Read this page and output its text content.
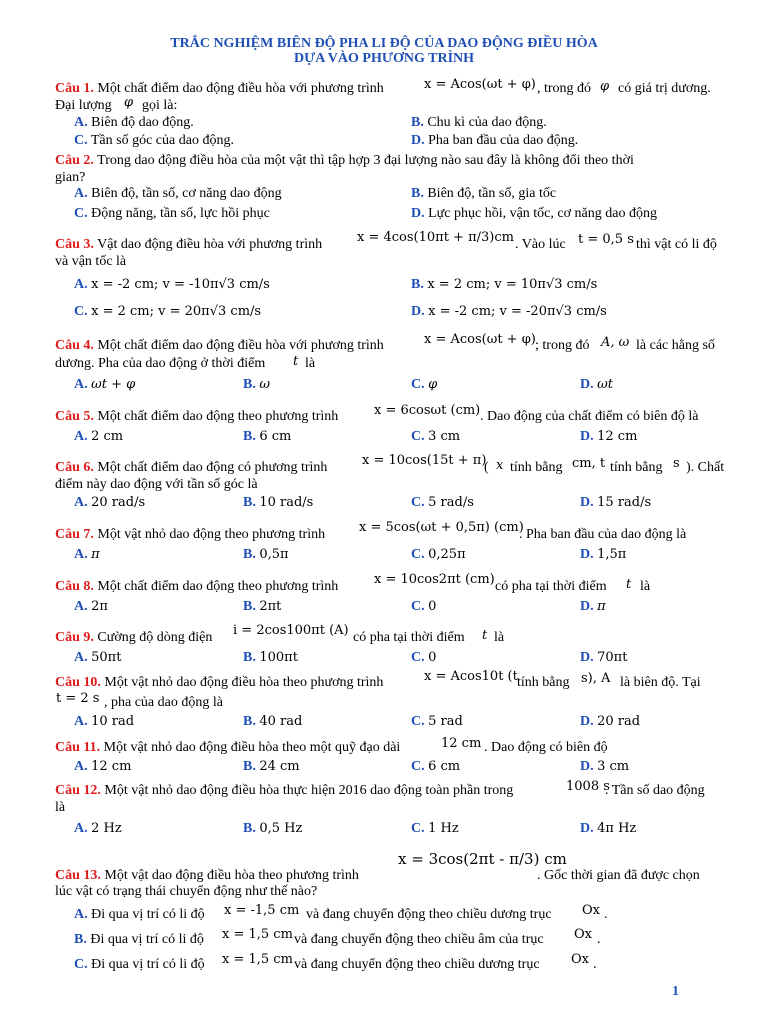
TRẮC NGHIỆM BIÊN ĐỘ PHA LI ĐỘ CỦA DAO ĐỘNG ĐIỀU HÒA
DỰA VÀO PHƯƠNG TRÌNH
Câu 1. Một chất điểm dao động điều hòa với phương trình	x = Acos(ωt + φ) , trong đó φ có giá trị dương.
Đại lượng φ gọi là:
A. Biên độ dao động.	B. Chu kì của dao động.
C. Tần số góc của dao động.	D. Pha ban đầu của dao động.
Câu 2. Trong dao động điều hòa của một vật thì tập hợp 3 đại lượng nào sau đây là không đổi theo thời
gian?
A. Biên độ, tần số, cơ năng dao động	B. Biên độ, tần số, gia tốc
C. Động năng, tần số, lực hồi phục	D. Lực phục hồi, vận tốc, cơ năng dao động
Câu 3. Vật dao động điều hòa với phương trình	x = 4cos(10πt + π/3)cm . Vào lúc t = 0,5 s thì vật có li độ
và vận tốc là
A. x = -2 cm; v = -10π√3 cm/s	B. x = 2 cm; v = 10π√3 cm/s
C. x = 2 cm; v = 20π√3 cm/s	D. x = -2 cm; v = -20π√3 cm/s
Câu 4. Một chất điểm dao động điều hòa với phương trình	x = Acos(ωt + φ) ; trong đó A, ω là các hằng số
dương. Pha của dao động ở thời điểm t là
A. ωt + φ	B. ω	C. φ	D. ωt
Câu 5. Một chất điểm dao động theo phương trình	x = 6cosωt (cm) . Dao động của chất điểm có biên độ là
A. 2 cm	B. 6 cm	C. 3 cm	D. 12 cm
Câu 6. Một chất điểm dao động có phương trình	x = 10cos(15t + π)
( x tính bằng cm, t tính bằng s ). Chất
điểm này dao động với tần số góc là
A. 20 rad/s	B. 10 rad/s	C. 5 rad/s	D. 15 rad/s
Câu 7. Một vật nhỏ dao động theo phương trình	x = 5cos(ωt + 0,5π) (cm)
. Pha ban đầu của dao động là
A. π	B. 0,5π	C. 0,25π	D. 1,5π
Câu 8. Một chất điểm dao động theo phương trình	x = 10cos2πt (cm) có pha tại thời điểm t là
A. 2π	B. 2πt	C. 0	D. π
Câu 9. Cường độ dòng điện i = 2cos100πt (A) có pha tại thời điểm t là
A. 50πt	B. 100πt	C. 0	D. 70πt
Câu 10. Một vật nhỏ dao động điều hòa theo phương trình	x = Acos10t (t tính bằng s), A là biên độ. Tại
t = 2 s , pha của dao động là
A. 10 rad	B. 40 rad	C. 5 rad	D. 20 rad
Câu 11. Một vật nhỏ dao động điều hòa theo một quỹ đạo dài	12 cm . Dao động có biên độ
A. 12 cm	B. 24 cm	C. 6 cm	D. 3 cm
Câu 12. Một vật nhỏ dao động điều hòa thực hiện 2016 dao động toàn phần trong	1008 s
. Tần số dao động
là
A. 2 Hz	B. 0,5 Hz	C. 1 Hz	D. 4π Hz
Câu 13. Một vật dao động điều hòa theo phương trình
x = 3cos(2πt - π/3) cm
. Gốc thời gian đã được chọn
lúc vật có trạng thái chuyển động như thế nào?
A. Đi qua vị trí có li độ x = -1,5 cm và đang chuyển động theo chiều dương trục Ox .
B. Đi qua vị trí có li độ x = 1,5 cm và đang chuyển động theo chiều âm của trục Ox .
C. Đi qua vị trí có li độ x = 1,5 cm và đang chuyển động theo chiều dương trục Ox .
1
